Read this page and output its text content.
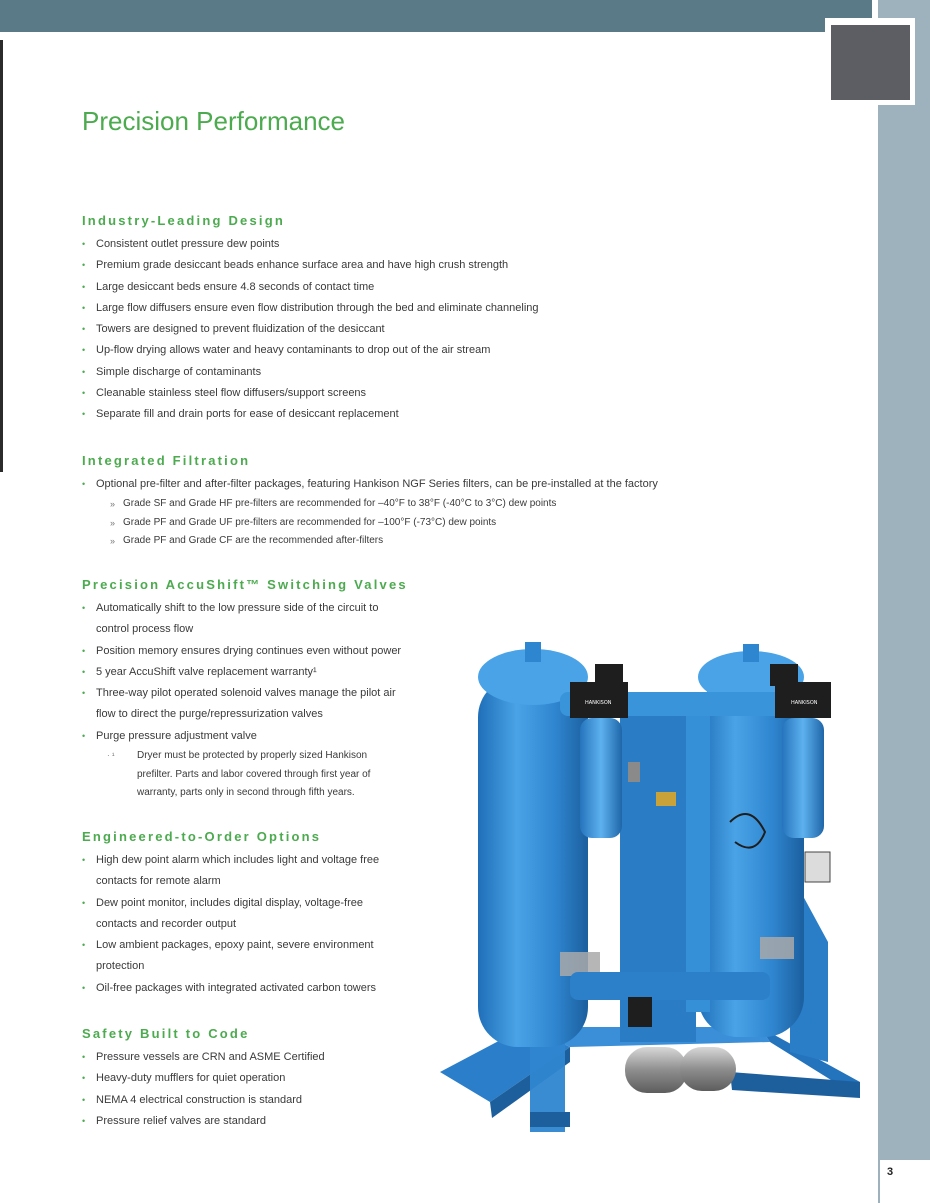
3
Precision Performance
Industry-Leading Design
• Consistent outlet pressure dew points
• Premium grade desiccant beads enhance surface area and have high crush strength
• Large desiccant beds ensure 4.8 seconds of contact time
• Large flow diffusers ensure even flow distribution through the bed and eliminate channeling
• Towers are designed to prevent fluidization of the desiccant
• Up-flow drying allows water and heavy contaminants to drop out of the air stream
• Simple discharge of contaminants
• Cleanable stainless steel flow diffusers/support screens
• Separate fill and drain ports for ease of desiccant replacement
Integrated Filtration
• Optional pre-filter and after-filter packages, featuring Hankison NGF Series filters, can be pre-installed at the factory
» Grade SF and Grade HF pre-filters are recommended for –40°F to 38°F (-40°C to 3°C) dew points
» Grade PF and Grade UF pre-filters are recommended for –100°F (-73°C) dew points
» Grade PF and Grade CF are the recommended after-filters
Precision AccuShift™ Switching Valves
• Automatically shift to the low pressure side of the circuit to
control process flow
• Position memory ensures drying continues even without power
• 5 year AccuShift valve replacement warranty¹
• Three-way pilot operated solenoid valves manage the pilot air
flow to direct the purge/repressurization valves
• Purge pressure adjustment valve
· ¹ Dryer must be protected by properly sized Hankison
prefilter. Parts and labor covered through first year of
warranty, parts only in second through fifth years.
Engineered-to-Order Options
• High dew point alarm which includes light and voltage free
contacts for remote alarm
• Dew point monitor, includes digital display, voltage-free
contacts and recorder output
• Low ambient packages, epoxy paint, severe environment
protection
• Oil-free packages with integrated activated carbon towers
Safety Built to Code
• Pressure vessels are CRN and ASME Certified
• Heavy-duty mufflers for quiet operation
• NEMA 4 electrical construction is standard
• Pressure relief valves are standard
HANKISON	HANKISON
